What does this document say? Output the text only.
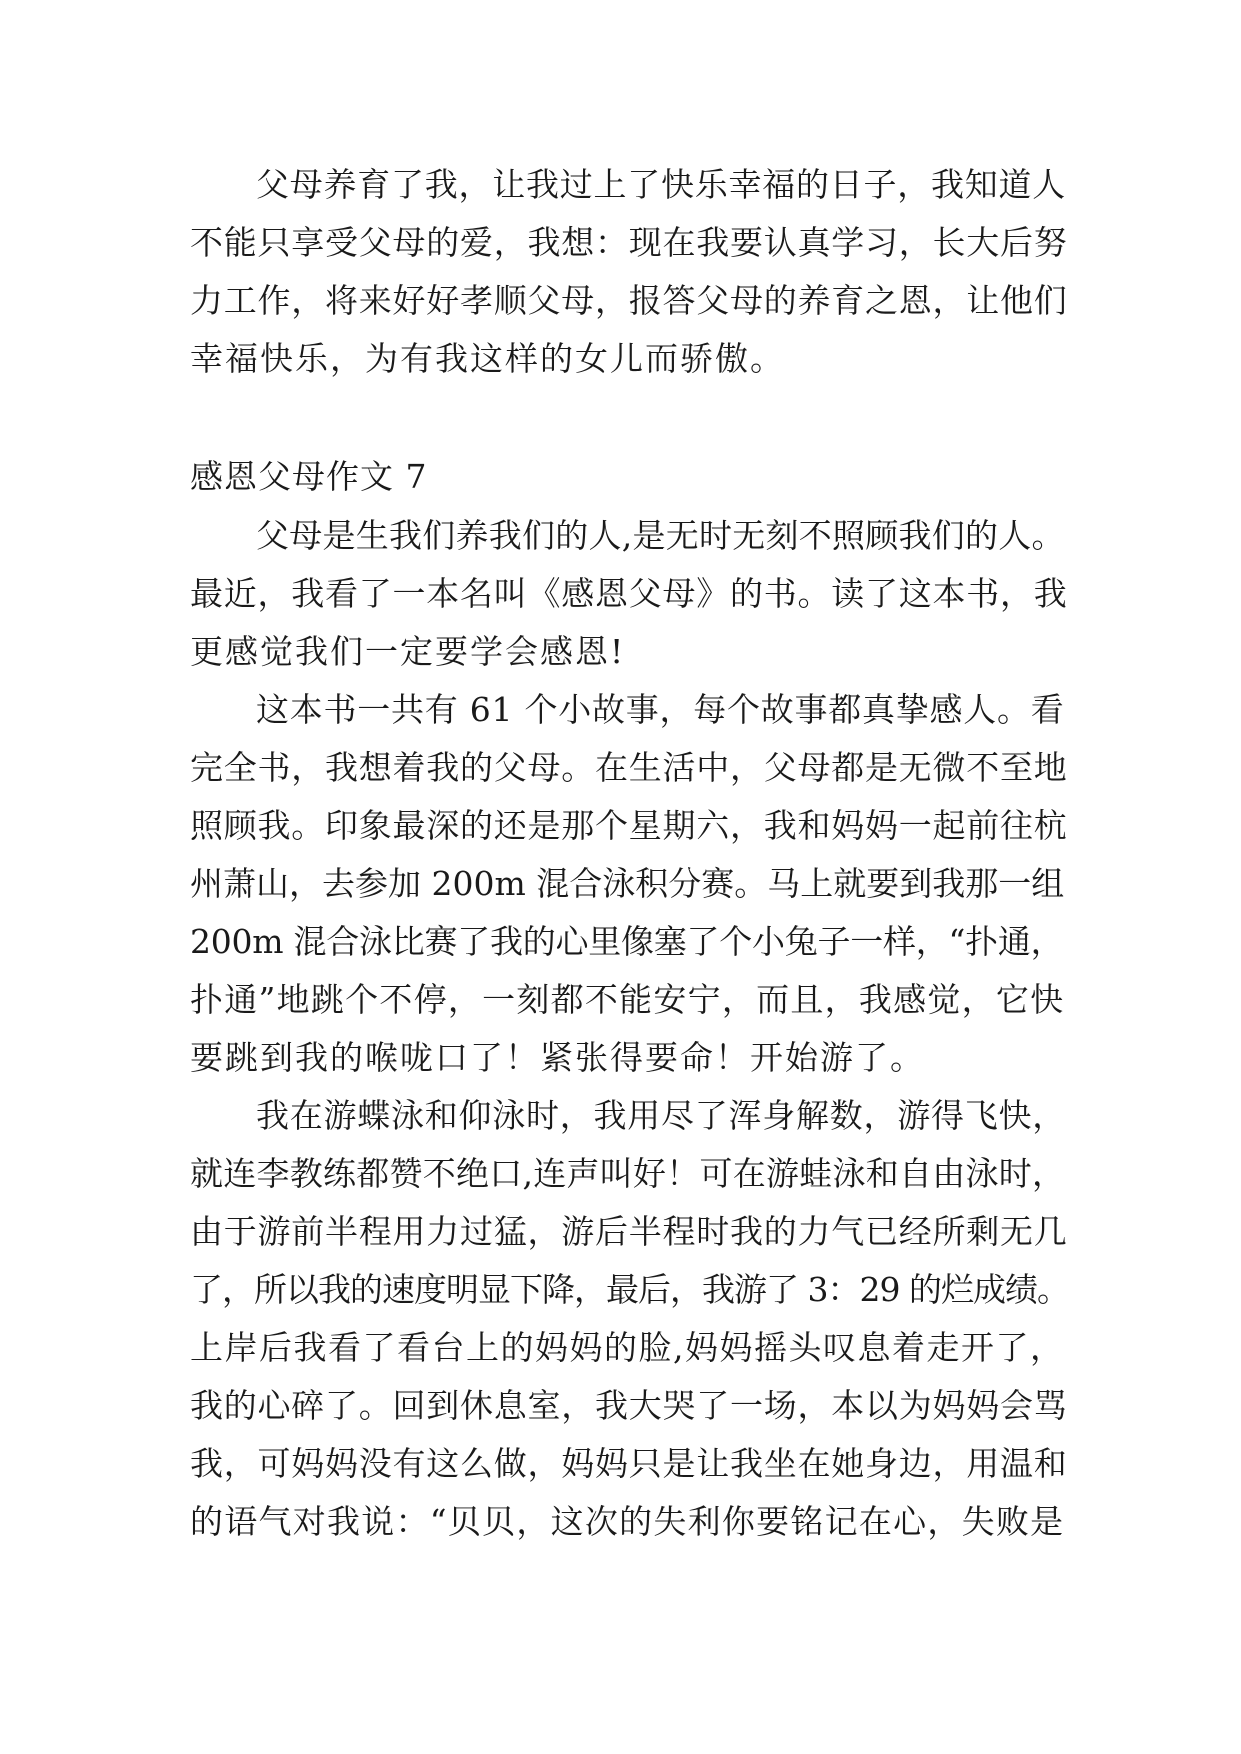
父母养育了我，让我过上了快乐幸福的日子，我知道人
不能只享受父母的爱，我想：现在我要认真学习，长大后努
力工作，将来好好孝顺父母，报答父母的养育之恩，让他们
幸福快乐，为有我这样的女儿而骄傲。
感恩父母作文 7
父母是生我们养我们的人,是无时无刻不照顾我们的人。
最近，我看了一本名叫《感恩父母》的书。读了这本书，我
更感觉我们一定要学会感恩!
这本书一共有 61 个小故事，每个故事都真挚感人。看
完全书，我想着我的父母。在生活中，父母都是无微不至地
照顾我。印象最深的还是那个星期六，我和妈妈一起前往杭
州萧山，去参加 200m 混合泳积分赛。马上就要到我那一组
200m 混合泳比赛了我的心里像塞了个小兔子一样，“扑通，
扑通”地跳个不停，一刻都不能安宁，而且，我感觉，它快
要跳到我的喉咙口了！紧张得要命！开始游了。
我在游蝶泳和仰泳时，我用尽了浑身解数，游得飞快，
就连李教练都赞不绝口,连声叫好！可在游蛙泳和自由泳时，
由于游前半程用力过猛，游后半程时我的力气已经所剩无几
了，所以我的速度明显下降，最后，我游了 3：29 的烂成绩。
上岸后我看了看台上的妈妈的脸,妈妈摇头叹息着走开了，
我的心碎了。回到休息室，我大哭了一场，本以为妈妈会骂
我，可妈妈没有这么做，妈妈只是让我坐在她身边，用温和
的语气对我说：“贝贝，这次的失利你要铭记在心，失败是
